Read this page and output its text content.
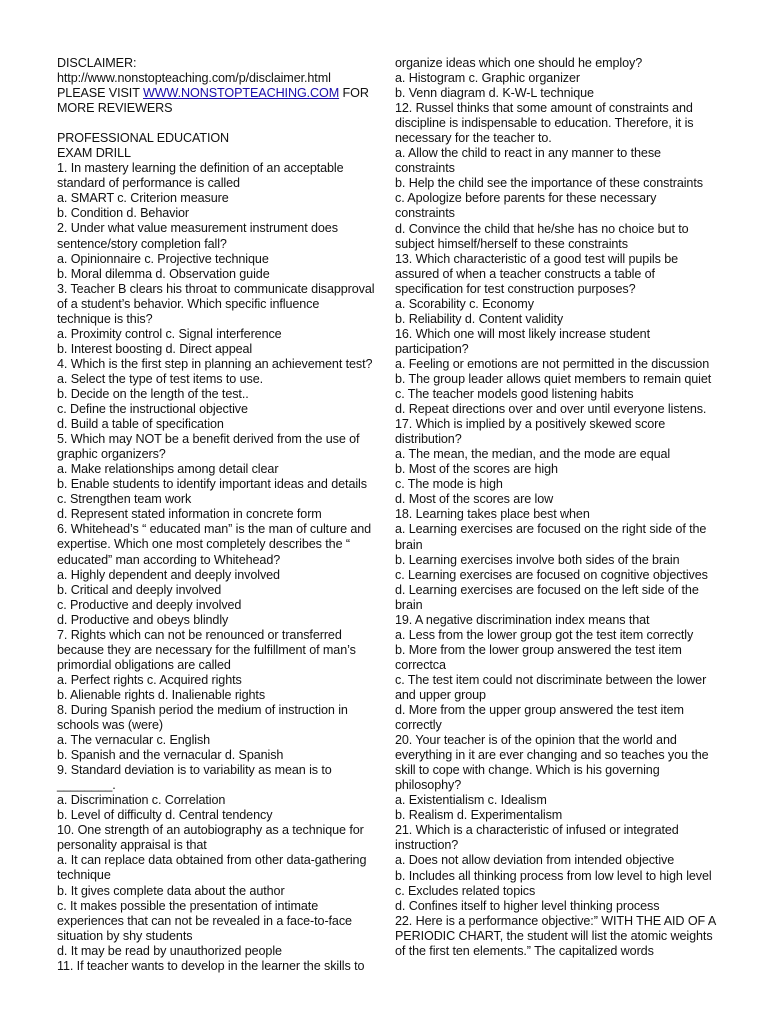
DISCLAIMER:

http://www.nonstopteaching.com/p/disclaimer.html

PLEASE VISIT WWW.NONSTOPTEACHING.COM FOR

MORE REVIEWERS

PROFESSIONAL EDUCATION

EXAM DRILL

1. In mastery learning the definition of an acceptable standard of performance is called

a. SMART c. Criterion measure

b. Condition d. Behavior

2. Under what value measurement instrument does sentence/story completion fall?

a. Opinionnaire c. Projective technique

b. Moral dilemma d. Observation guide

3. Teacher B clears his throat to communicate disapproval of a student’s behavior. Which specific influence technique is this?

a. Proximity control c. Signal interference

b. Interest boosting d. Direct appeal

4. Which is the first step in planning an achievement test?

a. Select the type of test items to use.

b. Decide on the length of the test..

c. Define the instructional objective

d. Build a table of specification

5. Which may NOT be a benefit derived from the use of graphic organizers?

a. Make relationships among detail clear

b. Enable students to identify important ideas and details

c. Strengthen team work

d. Represent stated information in concrete form

6. Whitehead’s “ educated man” is the man of culture and expertise. Which one most completely describes the “ educated” man according to Whitehead?

a. Highly dependent and deeply involved

b. Critical and deeply involved

c. Productive and deeply involved

d. Productive and obeys blindly

7. Rights which can not be renounced or transferred because they are necessary for the fulfillment of man’s primordial obligations are called

a. Perfect rights c. Acquired rights

b. Alienable rights d. Inalienable rights

8. During Spanish period the medium of instruction in schools was (were)

a. The vernacular c. English

b. Spanish and the vernacular d. Spanish

9. Standard deviation is to variability as mean is to ________.

a. Discrimination c. Correlation

b. Level of difficulty d. Central tendency

10. One strength of an autobiography as a technique for personality appraisal is that

a. It can replace data obtained from other data-gathering technique

b. It gives complete data about the author

c. It makes possible the presentation of intimate experiences that can not be revealed in a face-to-face situation by shy students

d. It may be read by unauthorized people

11. If teacher wants to develop in the learner the skills to

organize ideas which one should he employ?

a. Histogram c. Graphic organizer

b. Venn diagram d. K-W-L technique

12. Russel thinks that some amount of constraints and discipline is indispensable to education. Therefore, it is necessary for the teacher to.

a. Allow the child to react in any manner to these constraints

b. Help the child see the importance of these constraints

c. Apologize before parents for these necessary constraints

d. Convince the child that he/she has no choice but to subject himself/herself to these constraints

13. Which characteristic of a good test will pupils be assured of when a teacher constructs a table of specification for test construction purposes?

a. Scorability c. Economy

b. Reliability d. Content validity

16. Which one will most likely increase student participation?

a. Feeling or emotions are not permitted in the discussion

b. The group leader allows quiet members to remain quiet

c. The teacher models good listening habits

d. Repeat directions over and over until everyone listens.

17. Which is implied by a positively skewed score distribution?

a. The mean, the median, and the mode are equal

b. Most of the scores are high

c. The mode is high

d. Most of the scores are low

18. Learning takes place best when

a. Learning exercises are focused on the right side of the brain

b. Learning exercises involve both sides of the brain

c. Learning exercises are focused on cognitive objectives

d. Learning exercises are focused on the left side of the brain

19. A negative discrimination index means that

a. Less from the lower group got the test item correctly

b. More from the lower group answered the test item correctca

c. The test item could not discriminate between the lower and upper group

d. More from the upper group answered the test item correctly

20. Your teacher is of the opinion that the world and everything in it are ever changing and so teaches you the skill to cope with change. Which is his governing philosophy?

a. Existentialism c. Idealism

b. Realism d. Experimentalism

21. Which is a characteristic of infused or integrated instruction?

a. Does not allow deviation from intended objective

b. Includes all thinking process from low level to high level

c. Excludes related topics

d. Confines itself to higher level thinking process

22. Here is a performance objective:” WITH THE AID OF A PERIODIC CHART, the student will list the atomic weights of the first ten elements.” The capitalized words
